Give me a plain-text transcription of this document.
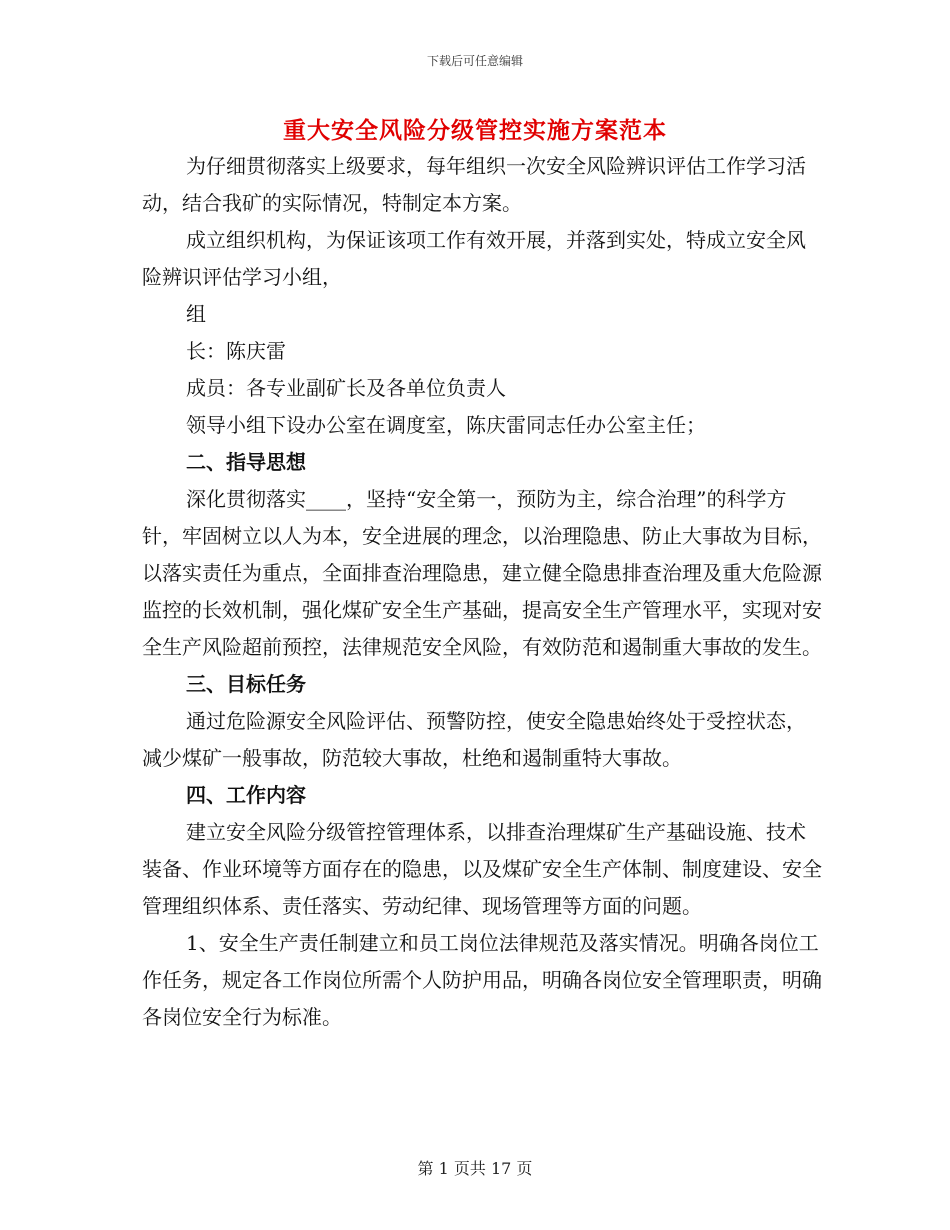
下载后可任意编辑
重大安全风险分级管控实施方案范本

为仔细贯彻落实上级要求，每年组织一次安全风险辨识评估工作学习活动，结合我矿的实际情况，特制定本方案。

成立组织机构，为保证该项工作有效开展，并落到实处，特成立安全风险辨识评估学习小组，

组

长：陈庆雷

成员：各专业副矿长及各单位负责人

领导小组下设办公室在调度室，陈庆雷同志任办公室主任；

二、指导思想

深化贯彻落实____，坚持“安全第一，预防为主，综合治理”的科学方针，牢固树立以人为本，安全进展的理念，以治理隐患、防止大事故为目标，以落实责任为重点，全面排查治理隐患，建立健全隐患排查治理及重大危险源监控的长效机制，强化煤矿安全生产基础，提高安全生产管理水平，实现对安全生产风险超前预控，法律规范安全风险，有效防范和遏制重大事故的发生。

三、目标任务

通过危险源安全风险评估、预警防控，使安全隐患始终处于受控状态，减少煤矿一般事故，防范较大事故，杜绝和遏制重特大事故。

四、工作内容

建立安全风险分级管控管理体系，以排查治理煤矿生产基础设施、技术装备、作业环境等方面存在的隐患，以及煤矿安全生产体制、制度建设、安全管理组织体系、责任落实、劳动纪律、现场管理等方面的问题。

1、安全生产责任制建立和员工岗位法律规范及落实情况。明确各岗位工作任务，规定各工作岗位所需个人防护用品，明确各岗位安全管理职责，明确各岗位安全行为标准。

第 1 页共 17 页
